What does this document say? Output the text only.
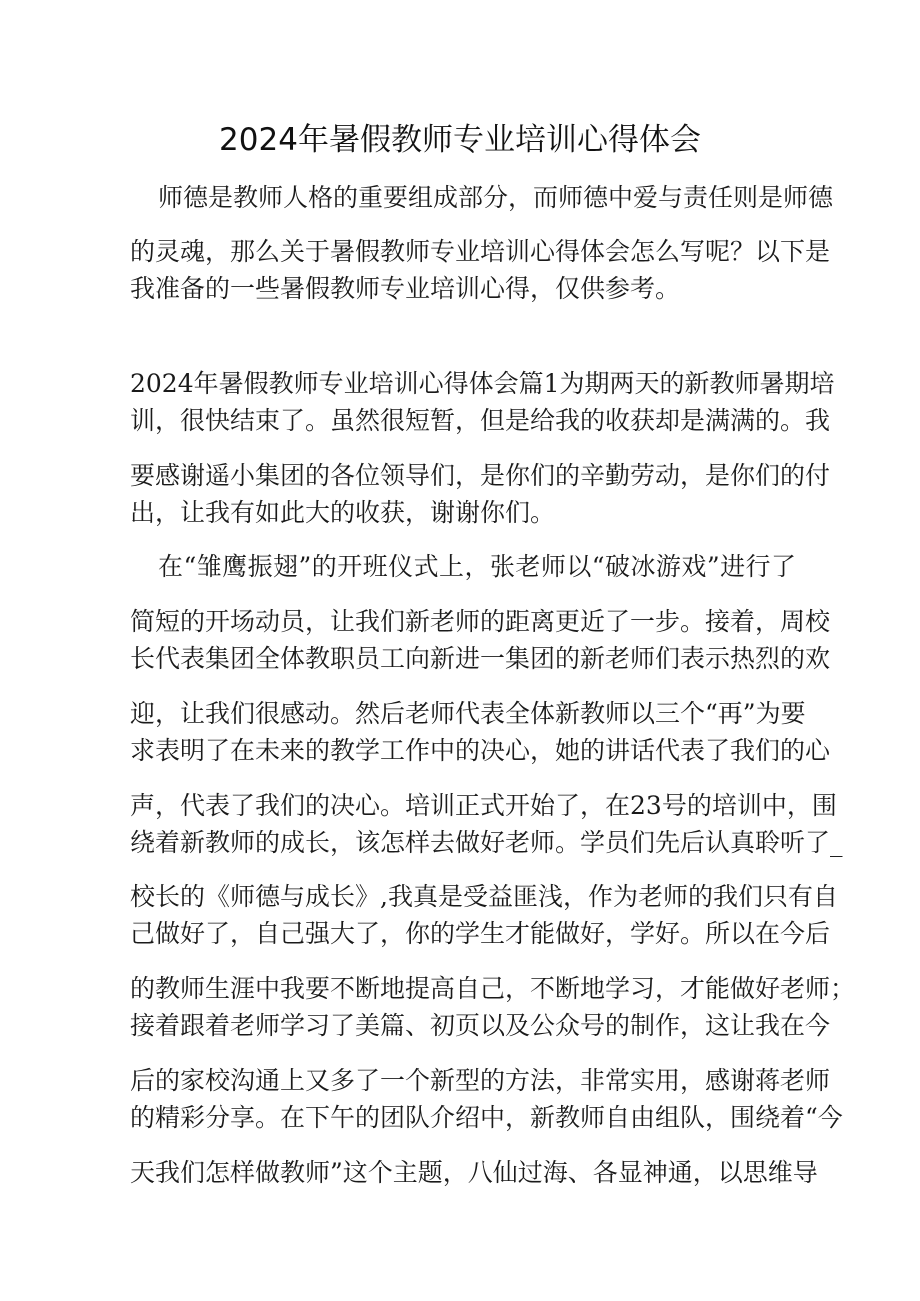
2024年暑假教师专业培训心得体会

师德是教师人格的重要组成部分，而师德中爱与责任则是师德

的灵魂，那么关于暑假教师专业培训心得体会怎么写呢？以下是

我准备的一些暑假教师专业培训心得，仅供参考。

2024年暑假教师专业培训心得体会篇1为期两天的新教师暑期培

训，很快结束了。虽然很短暂，但是给我的收获却是满满的。我

要感谢遥小集团的各位领导们，是你们的辛勤劳动，是你们的付

出，让我有如此大的收获，谢谢你们。

在“雏鹰振翅”的开班仪式上，张老师以“破冰游戏”进行了

简短的开场动员，让我们新老师的距离更近了一步。接着，周校

长代表集团全体教职员工向新进一集团的新老师们表示热烈的欢

迎，让我们很感动。然后老师代表全体新教师以三个“再”为要

求表明了在未来的教学工作中的决心，她的讲话代表了我们的心

声，代表了我们的决心。培训正式开始了，在23号的培训中，围

绕着新教师的成长，该怎样去做好老师。学员们先后认真聆听了_

校长的《师德与成长》,我真是受益匪浅，作为老师的我们只有自

己做好了，自己强大了，你的学生才能做好，学好。所以在今后

的教师生涯中我要不断地提高自己，不断地学习，才能做好老师；

接着跟着老师学习了美篇、初页以及公众号的制作，这让我在今

后的家校沟通上又多了一个新型的方法，非常实用，感谢蒋老师

的精彩分享。在下午的团队介绍中，新教师自由组队，围绕着“今

天我们怎样做教师”这个主题，八仙过海、各显神通，以思维导
